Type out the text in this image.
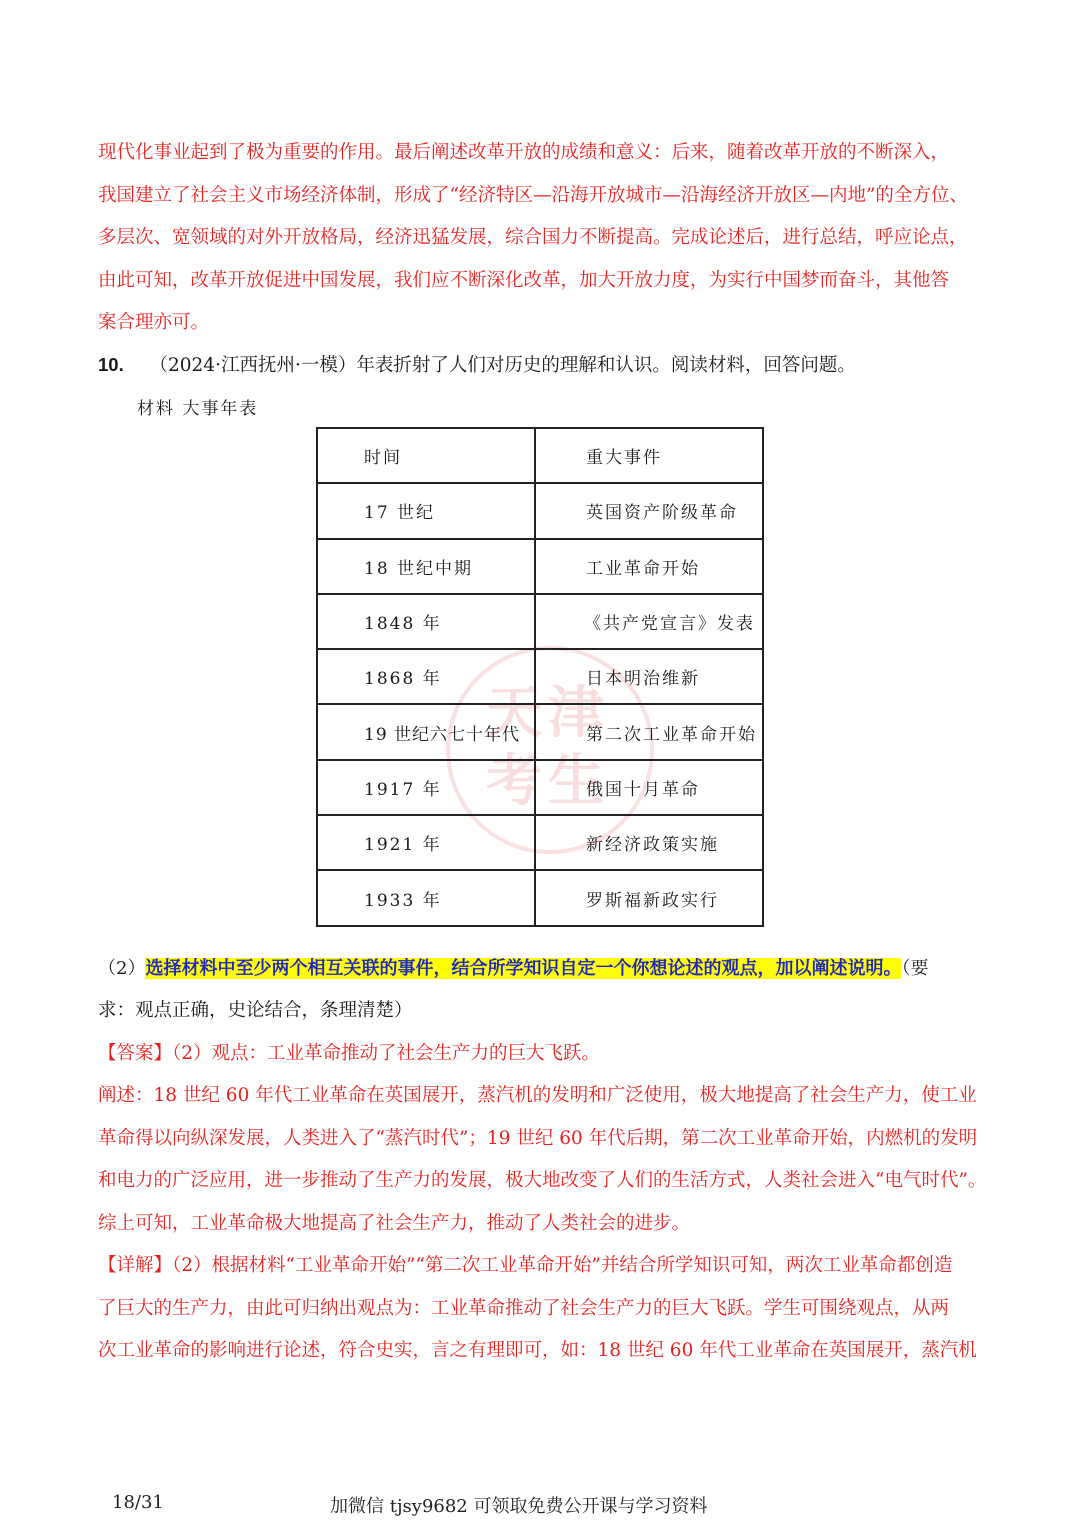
现代化事业起到了极为重要的作用。最后阐述改革开放的成绩和意义：后来，随着改革开放的不断深入，
我国建立了社会主义市场经济体制，形成了“经济特区—沿海开放城市—沿海经济开放区—内地”的全方位、
多层次、宽领域的对外开放格局，经济迅猛发展，综合国力不断提高。完成论述后，进行总结，呼应论点，
由此可知，改革开放促进中国发展，我们应不断深化改革，加大开放力度，为实行中国梦而奋斗，其他答
案合理亦可。
10. （2024·江西抚州·一模）年表折射了人们对历史的理解和认识。阅读材料，回答问题。
材料 大事年表
天津
考生
时间	重大事件
17 世纪	英国资产阶级革命
18 世纪中期	工业革命开始
1848 年	《共产党宣言》发表
1868 年	日本明治维新
19 世纪六七十年代	第二次工业革命开始
1917 年	俄国十月革命
1921 年	新经济政策实施
1933 年	罗斯福新政实行
（2）选择材料中至少两个相互关联的事件，结合所学知识自定一个你想论述的观点，加以阐述说明。（要
求：观点正确，史论结合，条理清楚）
【答案】（2）观点：工业革命推动了社会生产力的巨大飞跃。
阐述：18 世纪 60 年代工业革命在英国展开，蒸汽机的发明和广泛使用，极大地提高了社会生产力，使工业
革命得以向纵深发展，人类进入了“蒸汽时代”；19 世纪 60 年代后期，第二次工业革命开始，内燃机的发明
和电力的广泛应用，进一步推动了生产力的发展，极大地改变了人们的生活方式，人类社会进入“电气时代”。
综上可知，工业革命极大地提高了社会生产力，推动了人类社会的进步。
【详解】（2）根据材料“工业革命开始”“第二次工业革命开始”并结合所学知识可知，两次工业革命都创造
了巨大的生产力，由此可归纳出观点为：工业革命推动了社会生产力的巨大飞跃。学生可围绕观点，从两
次工业革命的影响进行论述，符合史实，言之有理即可，如：18 世纪 60 年代工业革命在英国展开，蒸汽机
18/31	加微信 tjsy9682 可领取免费公开课与学习资料
